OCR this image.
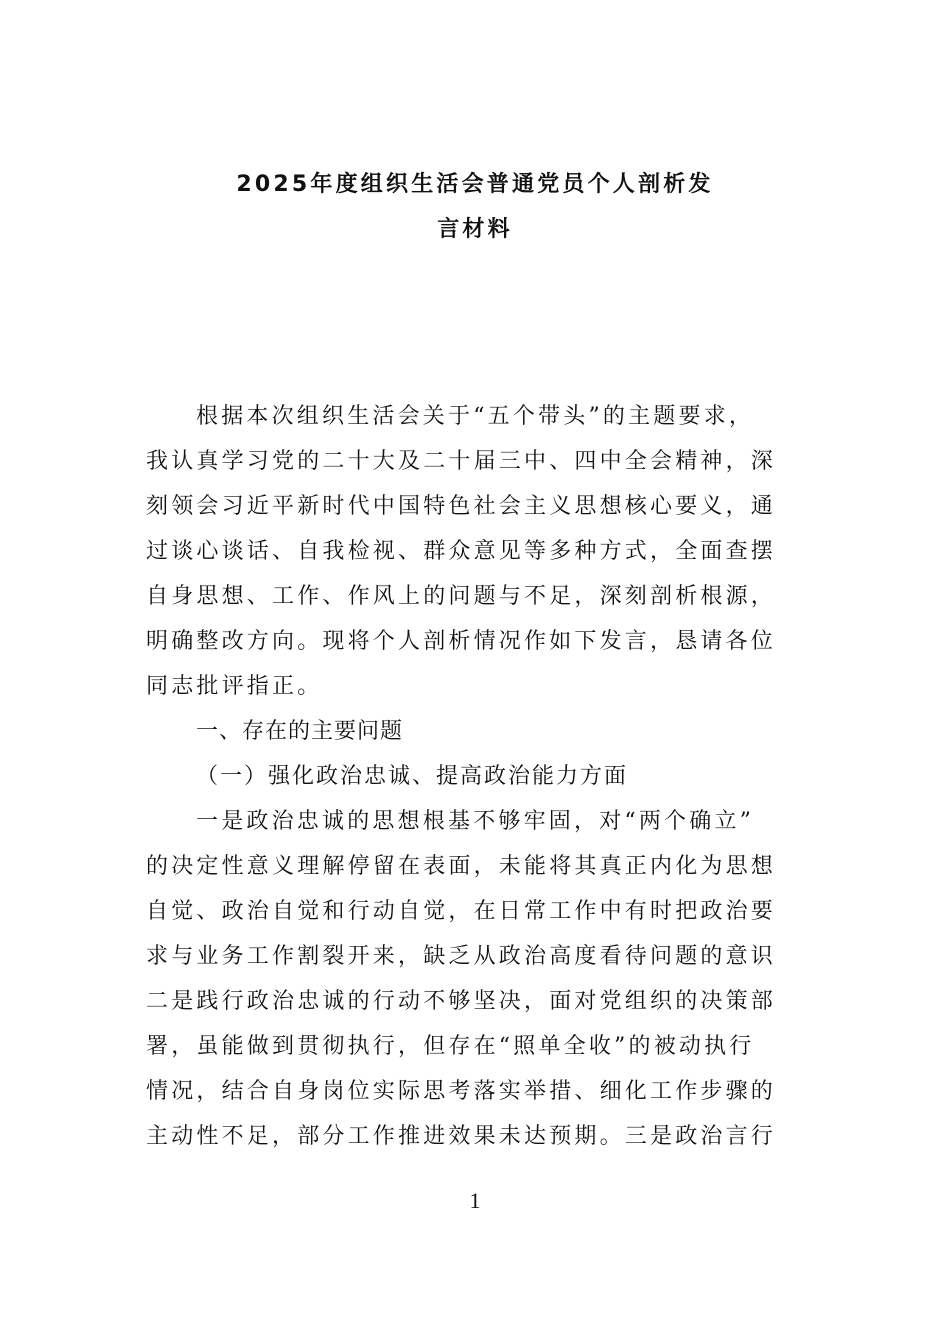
2025年度组织生活会普通党员个人剖析发
言材料
根据本次组织生活会关于“五个带头”的主题要求，
我认真学习党的二十大及二十届三中、四中全会精神，深
刻领会习近平新时代中国特色社会主义思想核心要义，通
过谈心谈话、自我检视、群众意见等多种方式，全面查摆
自身思想、工作、作风上的问题与不足，深刻剖析根源，
明确整改方向。现将个人剖析情况作如下发言，恳请各位
同志批评指正。
一、存在的主要问题
（一）强化政治忠诚、提高政治能力方面
一是政治忠诚的思想根基不够牢固，对“两个确立”
的决定性意义理解停留在表面，未能将其真正内化为思想
自觉、政治自觉和行动自觉，在日常工作中有时把政治要
求与业务工作割裂开来，缺乏从政治高度看待问题的意识
二是践行政治忠诚的行动不够坚决，面对党组织的决策部
署，虽能做到贯彻执行，但存在“照单全收”的被动执行
情况，结合自身岗位实际思考落实举措、细化工作步骤的
主动性不足，部分工作推进效果未达预期。三是政治言行
1
